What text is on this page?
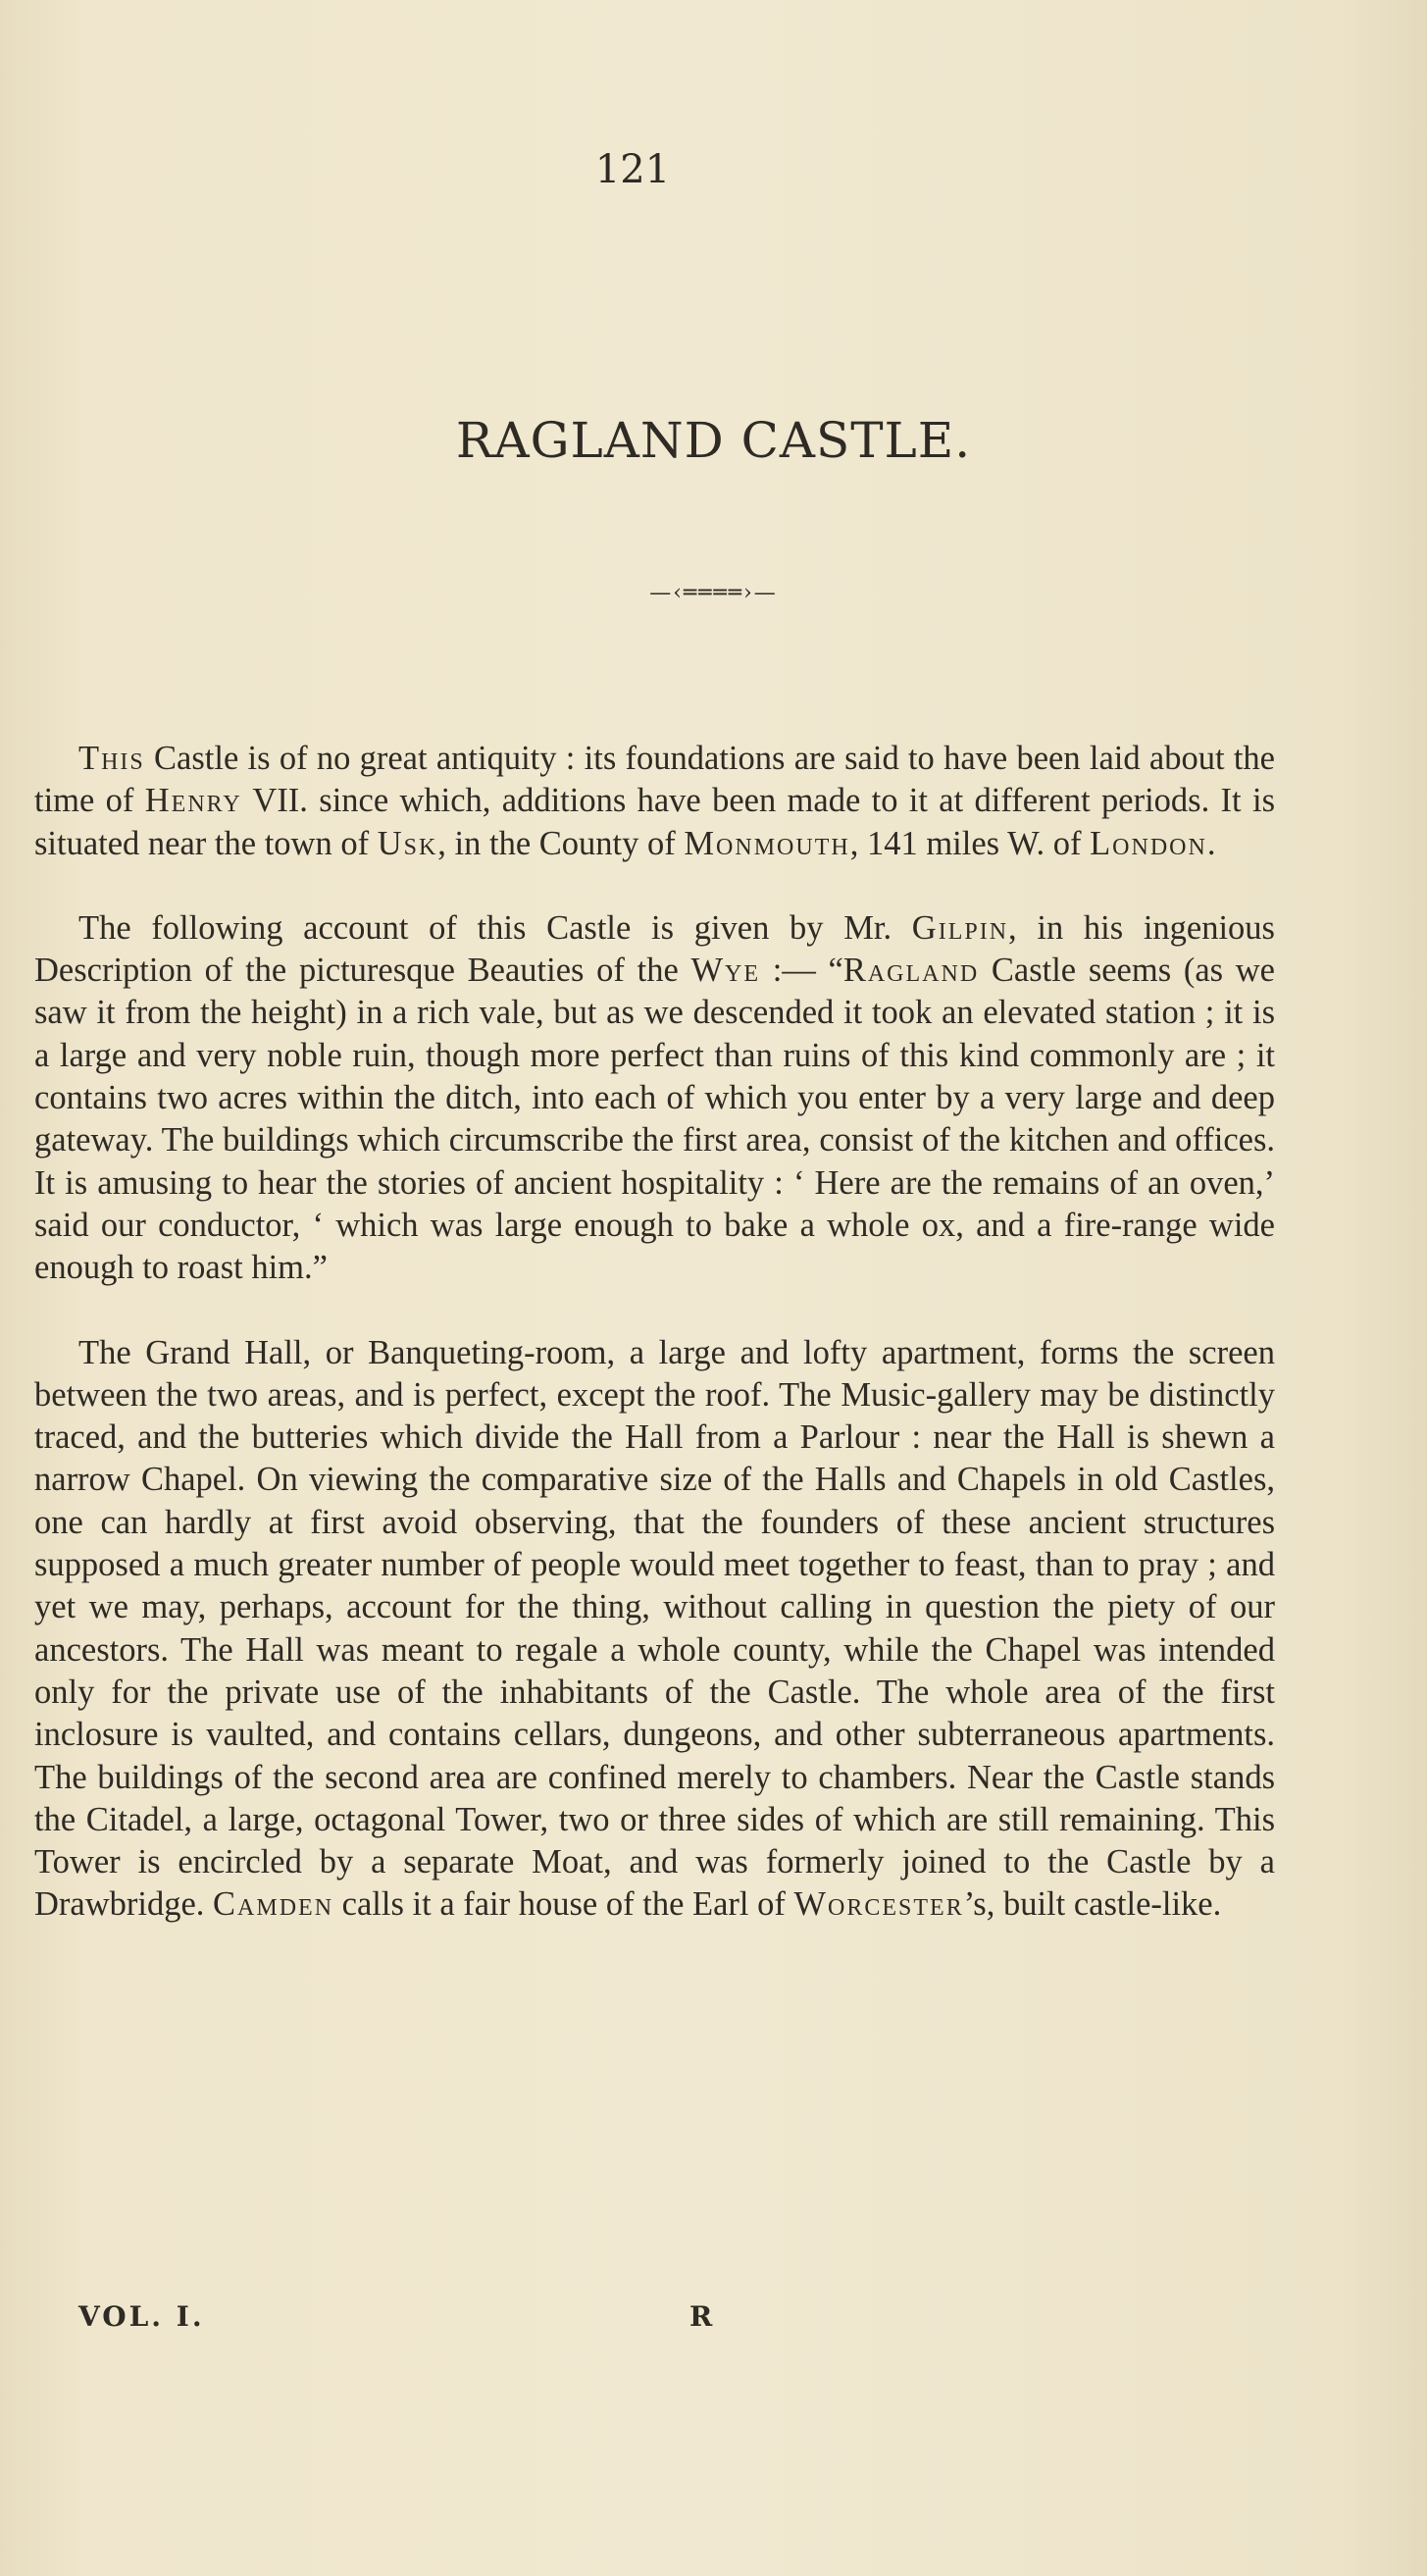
121
RAGLAND CASTLE.
—‹════›—

This Castle is of no great antiquity : its foundations are said to have been laid about the time of Henry VII. since which, additions have been made to it at different periods. It is situated near the town of Usk, in the County of Monmouth, 141 miles W. of London.

The following account of this Castle is given by Mr. Gilpin, in his ingenious Description of the picturesque Beauties of the Wye :— “Ragland Castle seems (as we saw it from the height) in a rich vale, but as we descended it took an elevated station ; it is a large and very noble ruin, though more perfect than ruins of this kind commonly are ; it contains two acres within the ditch, into each of which you enter by a very large and deep gateway. The buildings which circumscribe the first area, consist of the kitchen and offices. It is amusing to hear the stories of ancient hospitality : ‘ Here are the remains of an oven,’ said our conductor, ‘ which was large enough to bake a whole ox, and a fire-range wide enough to roast him.”

The Grand Hall, or Banqueting-room, a large and lofty apartment, forms the screen between the two areas, and is perfect, except the roof. The Music-gallery may be distinctly traced, and the butteries which divide the Hall from a Parlour : near the Hall is shewn a narrow Chapel. On viewing the comparative size of the Halls and Chapels in old Castles, one can hardly at first avoid observing, that the founders of these ancient structures supposed a much greater number of people would meet together to feast, than to pray ; and yet we may, perhaps, account for the thing, without calling in question the piety of our ancestors. The Hall was meant to regale a whole county, while the Chapel was intended only for the private use of the inhabitants of the Castle. The whole area of the first inclosure is vaulted, and contains cellars, dungeons, and other subterraneous apartments. The buildings of the second area are confined merely to chambers. Near the Castle stands the Citadel, a large, octagonal Tower, two or three sides of which are still remaining. This Tower is encircled by a separate Moat, and was formerly joined to the Castle by a Drawbridge. Camden calls it a fair house of the Earl of Worcester’s, built castle-like.

VOL. I.	R
